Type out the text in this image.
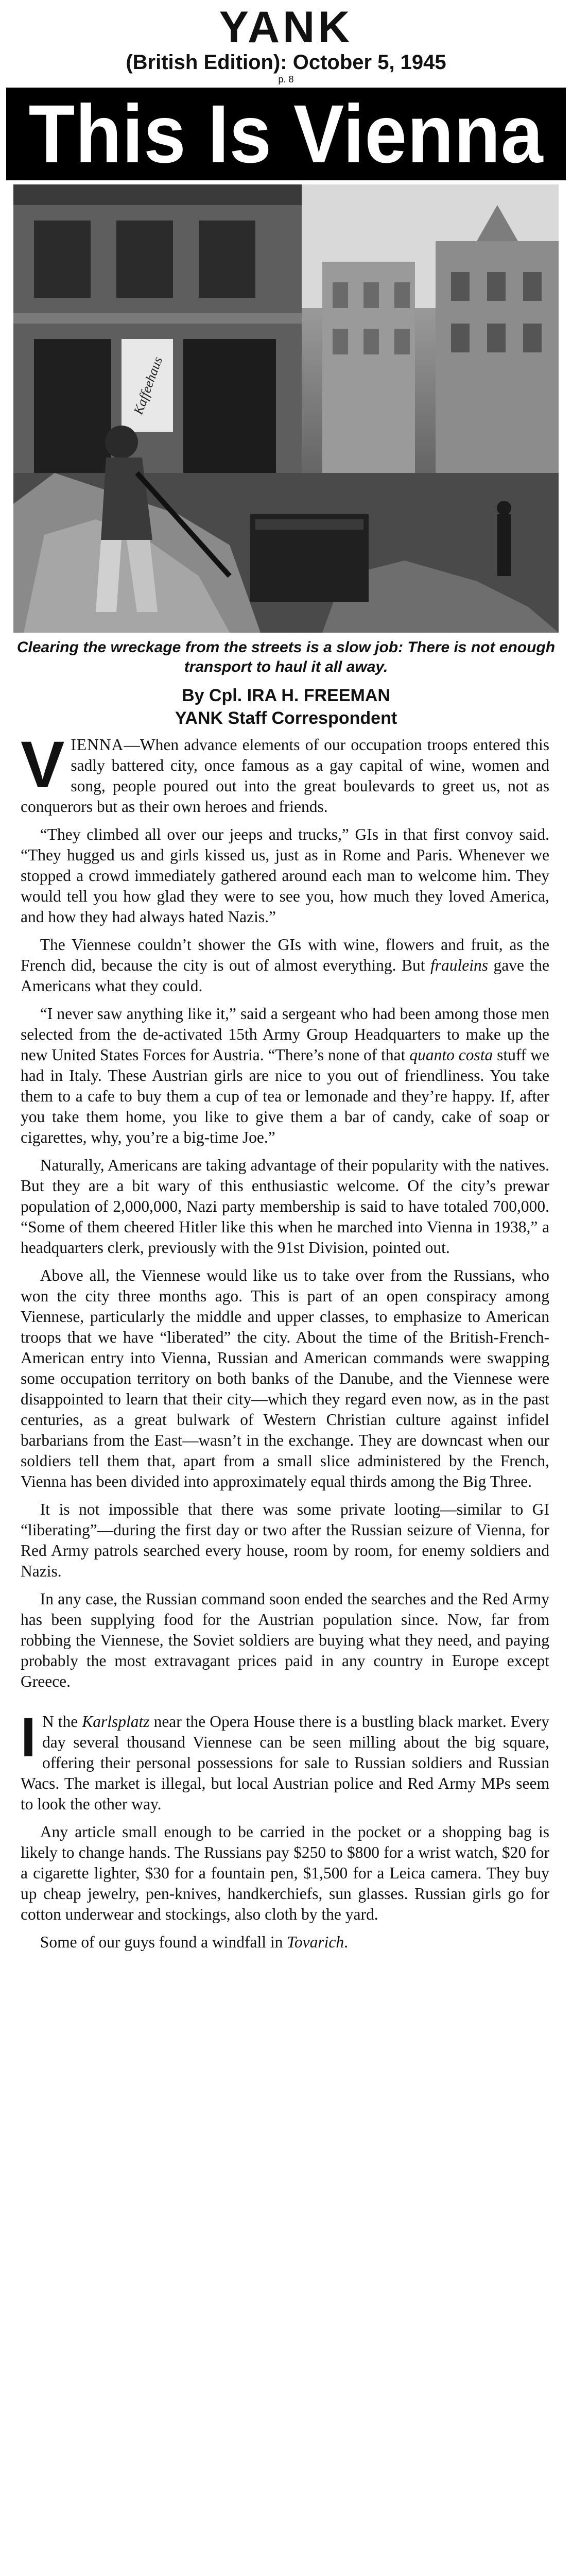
YANK
(British Edition): October 5, 1945
p. 8
This Is Vienna
Kaffeehaus
Clearing the wreckage from the streets is a slow job: There is not enough transport to haul it all away.
By Cpl. IRA H. FREEMAN
YANK Staff Correspondent

VIENNA—When advance elements of our occupation troops entered this sadly battered city, once famous as a gay capital of wine, women and song, people poured out into the great boulevards to greet us, not as conquerors but as their own heroes and friends.

“They climbed all over our jeeps and trucks,” GIs in that first convoy said. “They hugged us and girls kissed us, just as in Rome and Paris. Whenever we stopped a crowd immediately gathered around each man to welcome him. They would tell you how glad they were to see you, how much they loved America, and how they had always hated Nazis.”

The Viennese couldn’t shower the GIs with wine, flowers and fruit, as the French did, because the city is out of almost everything. But frauleins gave the Americans what they could.

“I never saw anything like it,” said a sergeant who had been among those men selected from the de-activated 15th Army Group Headquarters to make up the new United States Forces for Austria. “There’s none of that quanto costa stuff we had in Italy. These Austrian girls are nice to you out of friendliness. You take them to a cafe to buy them a cup of tea or lemonade and they’re happy. If, after you take them home, you like to give them a bar of candy, cake of soap or cigarettes, why, you’re a big-time Joe.”

Naturally, Americans are taking advantage of their popularity with the natives. But they are a bit wary of this enthusiastic welcome. Of the city’s prewar population of 2,000,000, Nazi party membership is said to have totaled 700,000. “Some of them cheered Hitler like this when he marched into Vienna in 1938,” a headquarters clerk, previously with the 91st Division, pointed out.

Above all, the Viennese would like us to take over from the Russians, who won the city three months ago. This is part of an open conspiracy among Viennese, particularly the middle and upper classes, to emphasize to American troops that we have “liberated” the city. About the time of the British-French-American entry into Vienna, Russian and American commands were swapping some occupation territory on both banks of the Danube, and the Viennese were disappointed to learn that their city—which they regard even now, as in the past centuries, as a great bulwark of Western Christian culture against infidel barbarians from the East—wasn’t in the exchange. They are downcast when our soldiers tell them that, apart from a small slice administered by the French, Vienna has been divided into approximately equal thirds among the Big Three.

It is not impossible that there was some private looting—similar to GI “liberating”—during the first day or two after the Russian seizure of Vienna, for Red Army patrols searched every house, room by room, for enemy soldiers and Nazis.

In any case, the Russian command soon ended the searches and the Red Army has been supplying food for the Austrian population since. Now, far from robbing the Viennese, the Soviet soldiers are buying what they need, and paying probably the most extravagant prices paid in any country in Europe except Greece.

I N the Karlsplatz near the Opera House there is a bustling black market. Every day several thousand Viennese can be seen milling about the big square, offering their personal possessions for sale to Russian soldiers and Russian Wacs. The market is illegal, but local Austrian police and Red Army MPs seem to look the other way.

Any article small enough to be carried in the pocket or a shopping bag is likely to change hands. The Russians pay $250 to $800 for a wrist watch, $20 for a cigarette lighter, $30 for a fountain pen, $1,500 for a Leica camera. They buy up cheap jewelry, pen-knives, handkerchiefs, sun glasses. Russian girls go for cotton underwear and stockings, also cloth by the yard.

Some of our guys found a windfall in Tovarich.
